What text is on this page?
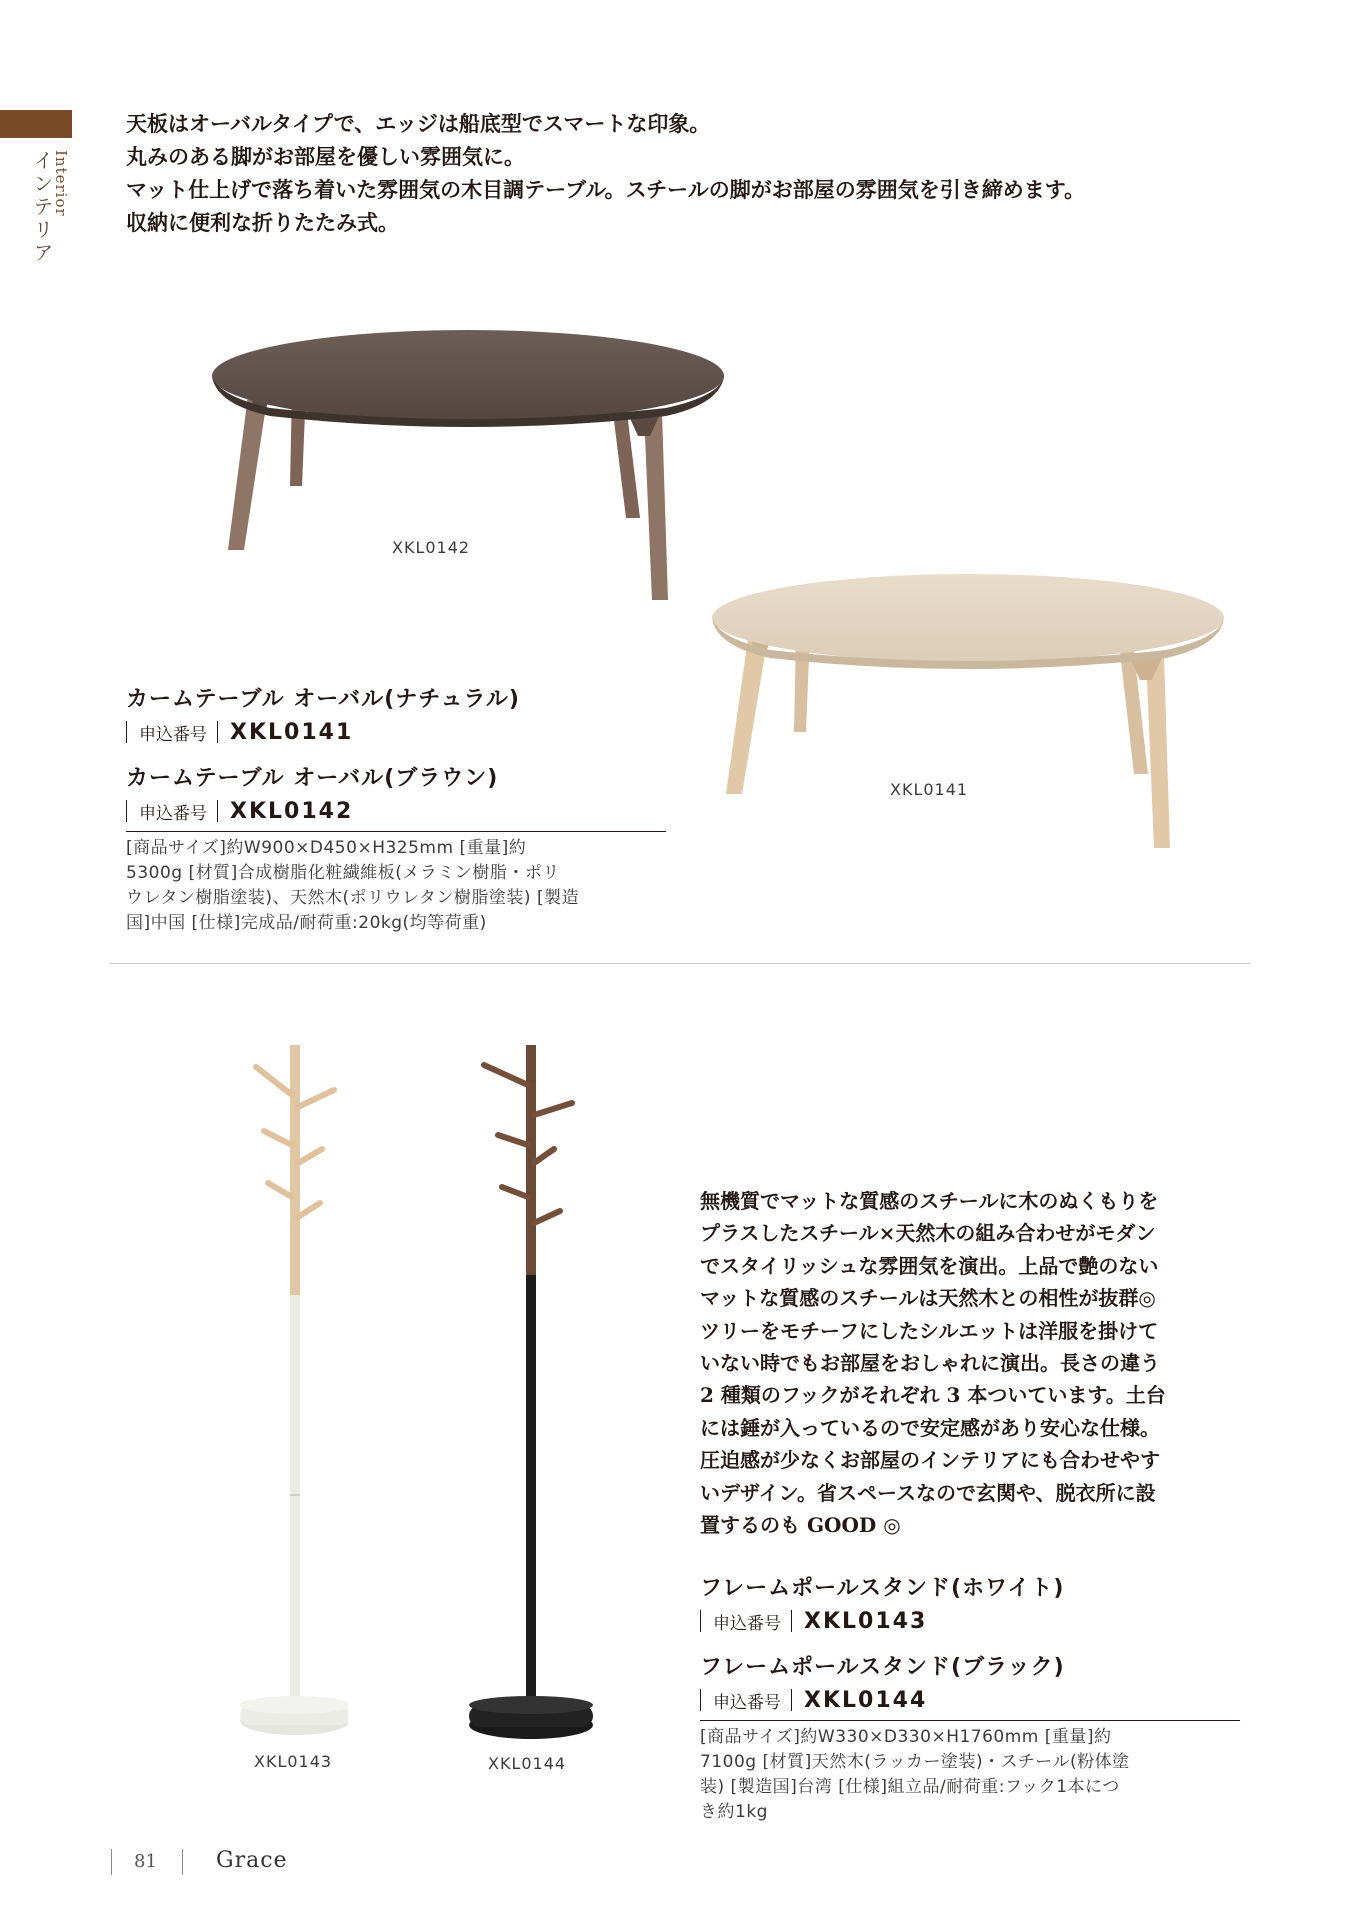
Interior
インテリア
天板はオーバルタイプで、エッジは船底型でスマートな印象。
丸みのある脚がお部屋を優しい雰囲気に。
マット仕上げで落ち着いた雰囲気の木目調テーブル。スチールの脚がお部屋の雰囲気を引き締めます。
収納に便利な折りたたみ式。
XKL0142
XKL0141
カームテーブル オーバル(ナチュラル)
申込番号 XKL0141
カームテーブル オーバル(ブラウン)
申込番号 XKL0142
[商品サイズ]約W900×D450×H325mm [重量]約
5300g [材質]合成樹脂化粧繊維板(メラミン樹脂・ポリ
ウレタン樹脂塗装)、天然木(ポリウレタン樹脂塗装) [製造
国]中国 [仕様]完成品/耐荷重:20kg(均等荷重)
XKL0143	XKL0144
無機質でマットな質感のスチールに木のぬくもりを
プラスしたスチール×天然木の組み合わせがモダン
でスタイリッシュな雰囲気を演出。上品で艶のない
マットな質感のスチールは天然木との相性が抜群◎
ツリーをモチーフにしたシルエットは洋服を掛けて
いない時でもお部屋をおしゃれに演出。長さの違う
2 種類のフックがそれぞれ 3 本ついています。土台
には錘が入っているので安定感があり安心な仕様。
圧迫感が少なくお部屋のインテリアにも合わせやす
いデザイン。省スペースなので玄関や、脱衣所に設
置するのも GOOD ◎
フレームポールスタンド(ホワイト)
申込番号 XKL0143
フレームポールスタンド(ブラック)
申込番号 XKL0144
[商品サイズ]約W330×D330×H1760mm [重量]約
7100g [材質]天然木(ラッカー塗装)・スチール(粉体塗
装) [製造国]台湾 [仕様]組立品/耐荷重:フック1本につ
き約1kg
81	Grace
